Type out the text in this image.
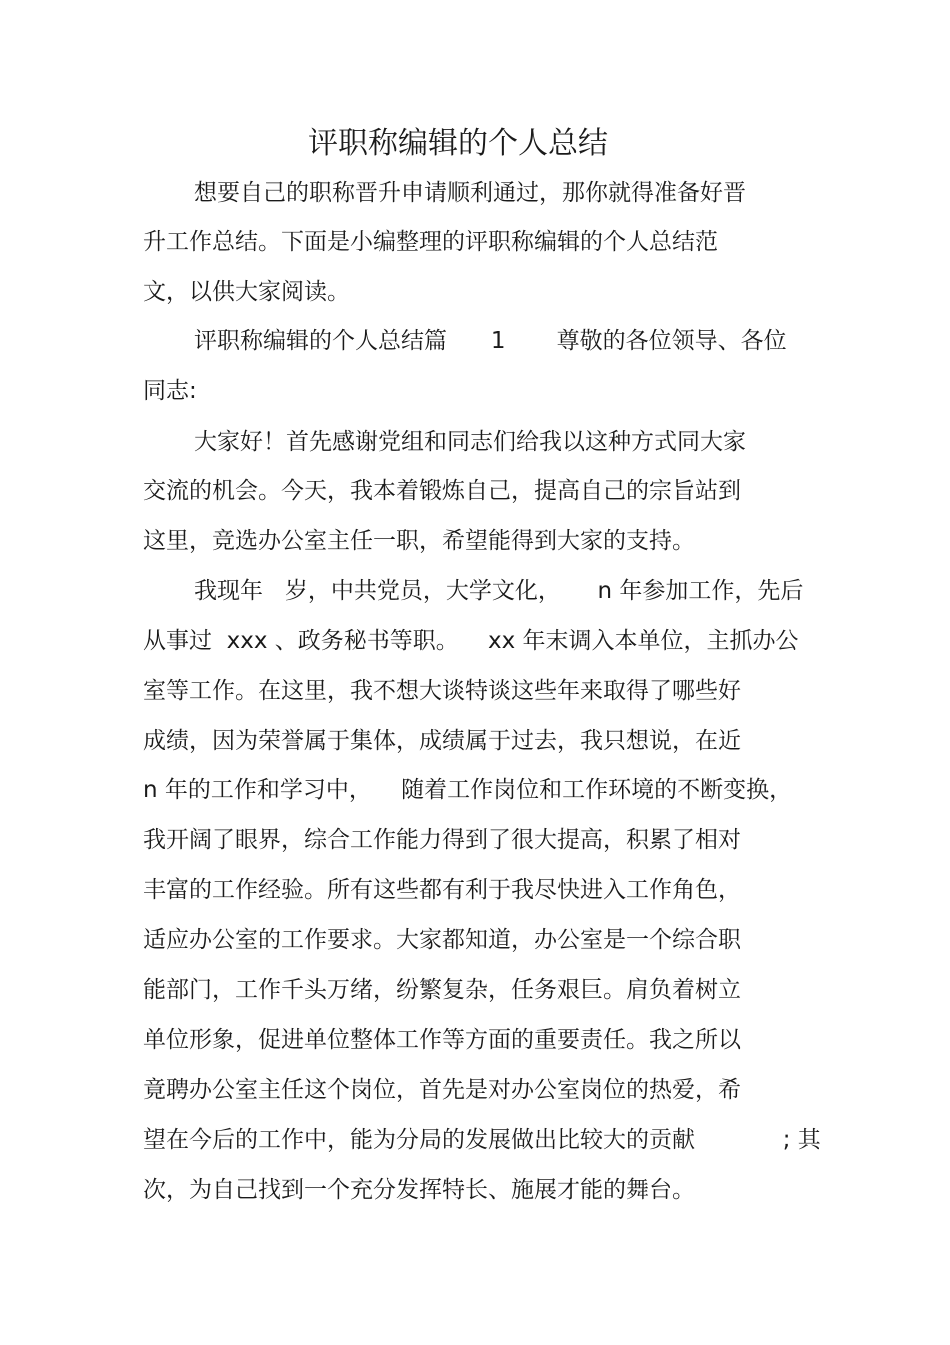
评职称编辑的个人总结
想要自己的职称晋升申请顺利通过，那你就得准备好晋
升工作总结。下面是小编整理的评职称编辑的个人总结范
文，以供大家阅读。
评职称编辑的个人总结篇      1       尊敬的各位领导、各位
同志:
大家好！首先感谢党组和同志们给我以这种方式同大家
交流的机会。今天，我本着锻炼自己，提高自己的宗旨站到
这里，竞选办公室主任一职，希望能得到大家的支持。
我现年   岁，中共党员，大学文化，     n 年参加工作，先后
从事过  xxx 、政务秘书等职。    xx 年末调入本单位，主抓办公
室等工作。在这里，我不想大谈特谈这些年来取得了哪些好
成绩，因为荣誉属于集体，成绩属于过去，我只想说，在近
n 年的工作和学习中，    随着工作岗位和工作环境的不断变换，
我开阔了眼界，综合工作能力得到了很大提高，积累了相对
丰富的工作经验。所有这些都有利于我尽快进入工作角色，
适应办公室的工作要求。大家都知道，办公室是一个综合职
能部门，工作千头万绪，纷繁复杂，任务艰巨。肩负着树立
单位形象，促进单位整体工作等方面的重要责任。我之所以
竟聘办公室主任这个岗位，首先是对办公室岗位的热爱，希
望在今后的工作中，能为分局的发展做出比较大的贡献            ; 其
次，为自己找到一个充分发挥特长、施展才能的舞台。
